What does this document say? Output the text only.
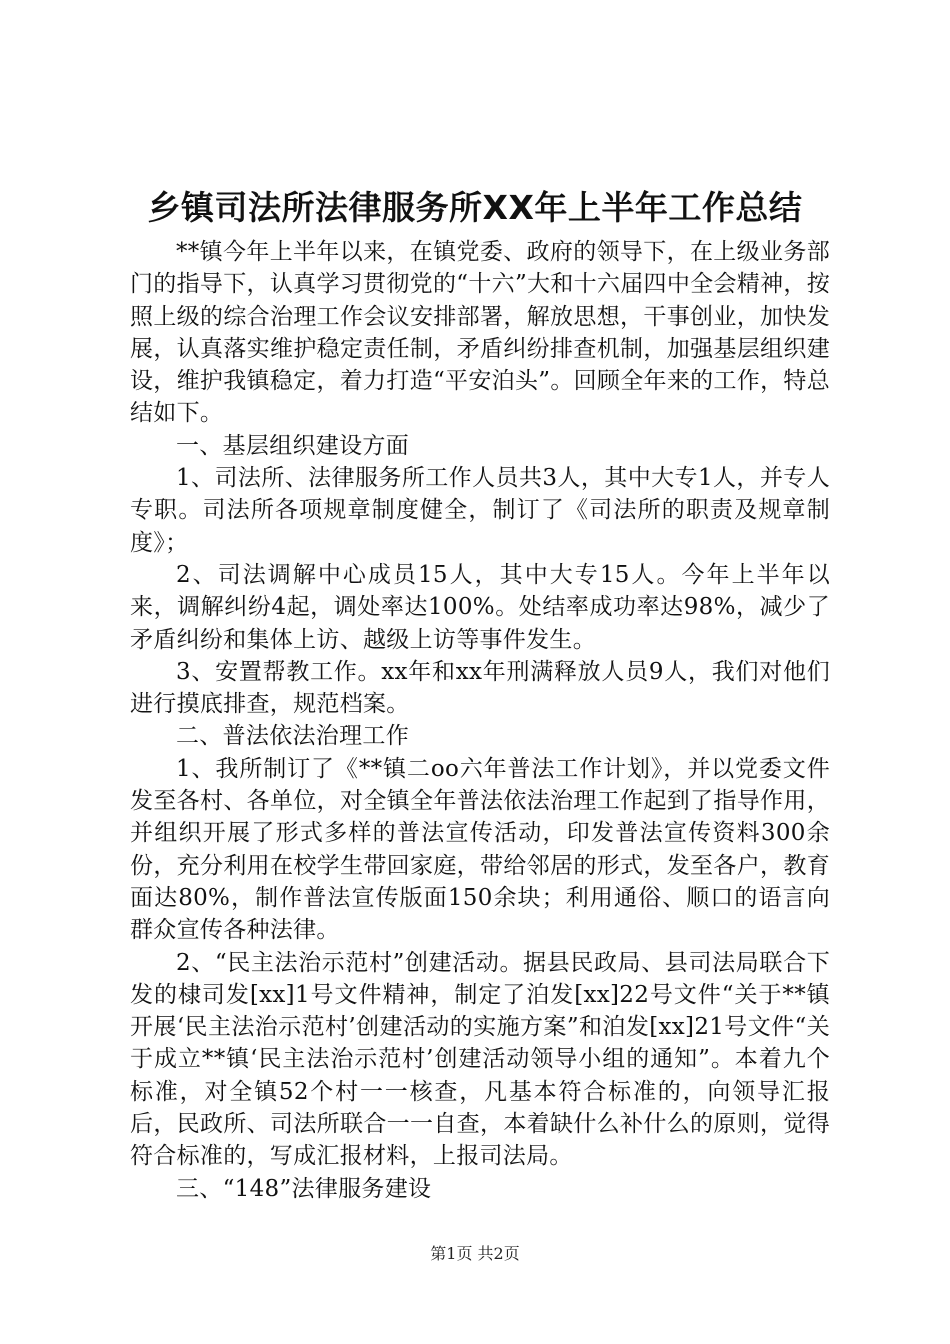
乡镇司法所法律服务所XX年上半年工作总结

**镇今年上半年以来，在镇党委、政府的领导下，在上级业务部门的指导下，认真学习贯彻党的“十六”大和十六届四中全会精神，按照上级的综合治理工作会议安排部署，解放思想，干事创业，加快发展，认真落实维护稳定责任制，矛盾纠纷排查机制，加强基层组织建设，维护我镇稳定，着力打造“平安泊头”。回顾全年来的工作，特总结如下。

一、基层组织建设方面

1、司法所、法律服务所工作人员共3人，其中大专1人，并专人专职。司法所各项规章制度健全，制订了《司法所的职责及规章制度》；

2、司法调解中心成员15人，其中大专15人。今年上半年以来，调解纠纷4起，调处率达100%。处结率成功率达98%，减少了矛盾纠纷和集体上访、越级上访等事件发生。

3、安置帮教工作。xx年和xx年刑满释放人员9人，我们对他们进行摸底排查，规范档案。

二、普法依法治理工作

1、我所制订了《**镇二oo六年普法工作计划》，并以党委文件发至各村、各单位，对全镇全年普法依法治理工作起到了指导作用，并组织开展了形式多样的普法宣传活动，印发普法宣传资料300余份，充分利用在校学生带回家庭，带给邻居的形式，发至各户，教育面达80%，制作普法宣传版面150余块；利用通俗、顺口的语言向群众宣传各种法律。

2、“民主法治示范村”创建活动。据县民政局、县司法局联合下发的棣司发[xx]1号文件精神，制定了泊发[xx]22号文件“关于**镇开展‘民主法治示范村’创建活动的实施方案”和泊发[xx]21号文件“关于成立**镇‘民主法治示范村’创建活动领导小组的通知”。本着九个标准，对全镇52个村一一核查，凡基本符合标准的，向领导汇报后，民政所、司法所联合一一自查，本着缺什么补什么的原则，觉得符合标准的，写成汇报材料，上报司法局。

三、“148”法律服务建设

第1页 共2页
